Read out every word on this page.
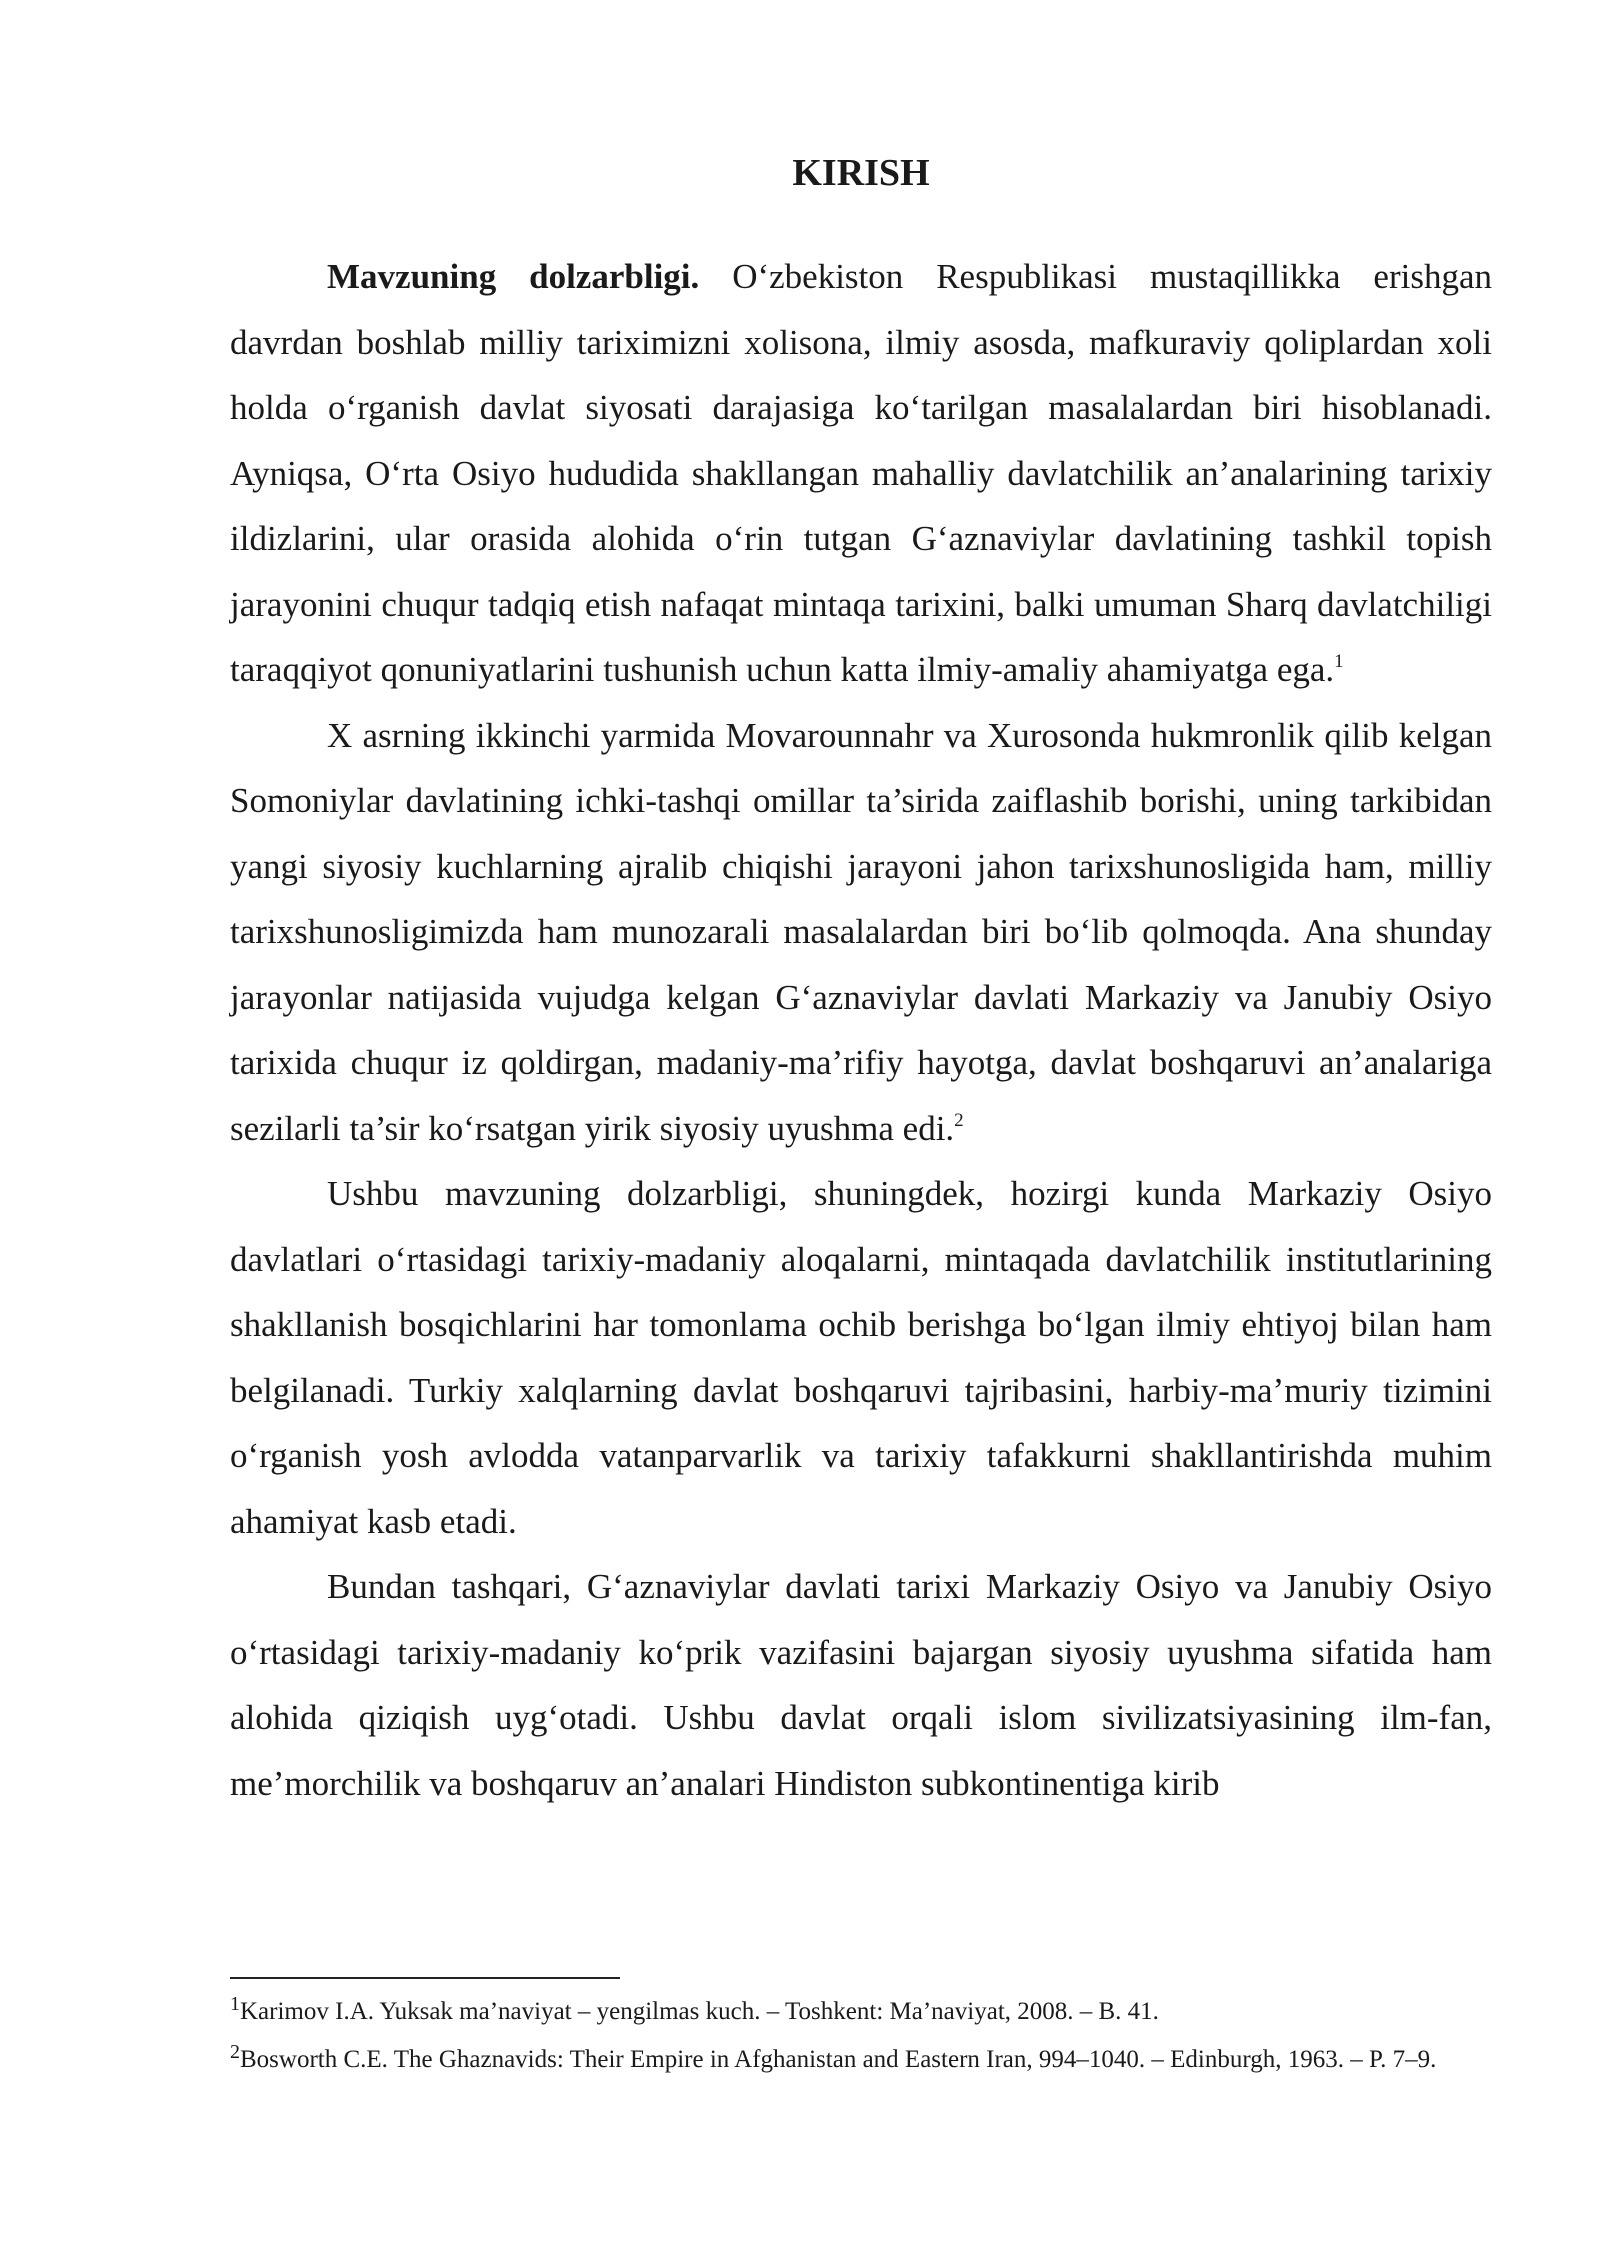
KIRISH

Mavzuning dolzarbligi. O‘zbekiston Respublikasi mustaqillikka erishgan davrdan boshlab milliy tariximizni xolisona, ilmiy asosda, mafkuraviy qoliplardan xoli holda o‘rganish davlat siyosati darajasiga ko‘tarilgan masalalardan biri hisoblanadi. Ayniqsa, O‘rta Osiyo hududida shakllangan mahalliy davlatchilik an’analarining tarixiy ildizlarini, ular orasida alohida o‘rin tutgan G‘aznaviylar davlatining tashkil topish jarayonini chuqur tadqiq etish nafaqat mintaqa tarixini, balki umuman Sharq davlatchiligi taraqqiyot qonuniyatlarini tushunish uchun katta ilmiy-amaliy ahamiyatga ega.$^1$

X asrning ikkinchi yarmida Movarounnahr va Xurosonda hukmronlik qilib kelgan Somoniylar davlatining ichki-tashqi omillar ta’sirida zaiflashib borishi, uning tarkibidan yangi siyosiy kuchlarning ajralib chiqishi jarayoni jahon tarixshunosligida ham, milliy tarixshunosligimizda ham munozarali masalalardan biri bo‘lib qolmoqda. Ana shunday jarayonlar natijasida vujudga kelgan G‘aznaviylar davlati Markaziy va Janubiy Osiyo tarixida chuqur iz qoldirgan, madaniy-ma’rifiy hayotga, davlat boshqaruvi an’analariga sezilarli ta’sir ko‘rsatgan yirik siyosiy uyushma edi.$^2$

Ushbu mavzuning dolzarbligi, shuningdek, hozirgi kunda Markaziy Osiyo davlatlari o‘rtasidagi tarixiy-madaniy aloqalarni, mintaqada davlatchilik institutlarining shakllanish bosqichlarini har tomonlama ochib berishga bo‘lgan ilmiy ehtiyoj bilan ham belgilanadi. Turkiy xalqlarning davlat boshqaruvi tajribasini, harbiy-ma’muriy tizimini o‘rganish yosh avlodda vatanparvarlik va tarixiy tafakkurni shakllantirishda muhim ahamiyat kasb etadi.

Bundan tashqari, G‘aznaviylar davlati tarixi Markaziy Osiyo va Janubiy Osiyo o‘rtasidagi tarixiy-madaniy ko‘prik vazifasini bajargan siyosiy uyushma sifatida ham alohida qiziqish uyg‘otadi. Ushbu davlat orqali islom sivilizatsiyasining ilm-fan, me’morchilik va boshqaruv an’analari Hindiston subkontinentiga kirib

$^1$Karimov I.A. Yuksak ma’naviyat – yengilmas kuch. – Toshkent: Ma’naviyat, 2008. – B. 41.

$^2$Bosworth C.E. The Ghaznavids: Their Empire in Afghanistan and Eastern Iran, 994–1040. – Edinburgh, 1963. – P. 7–9.
